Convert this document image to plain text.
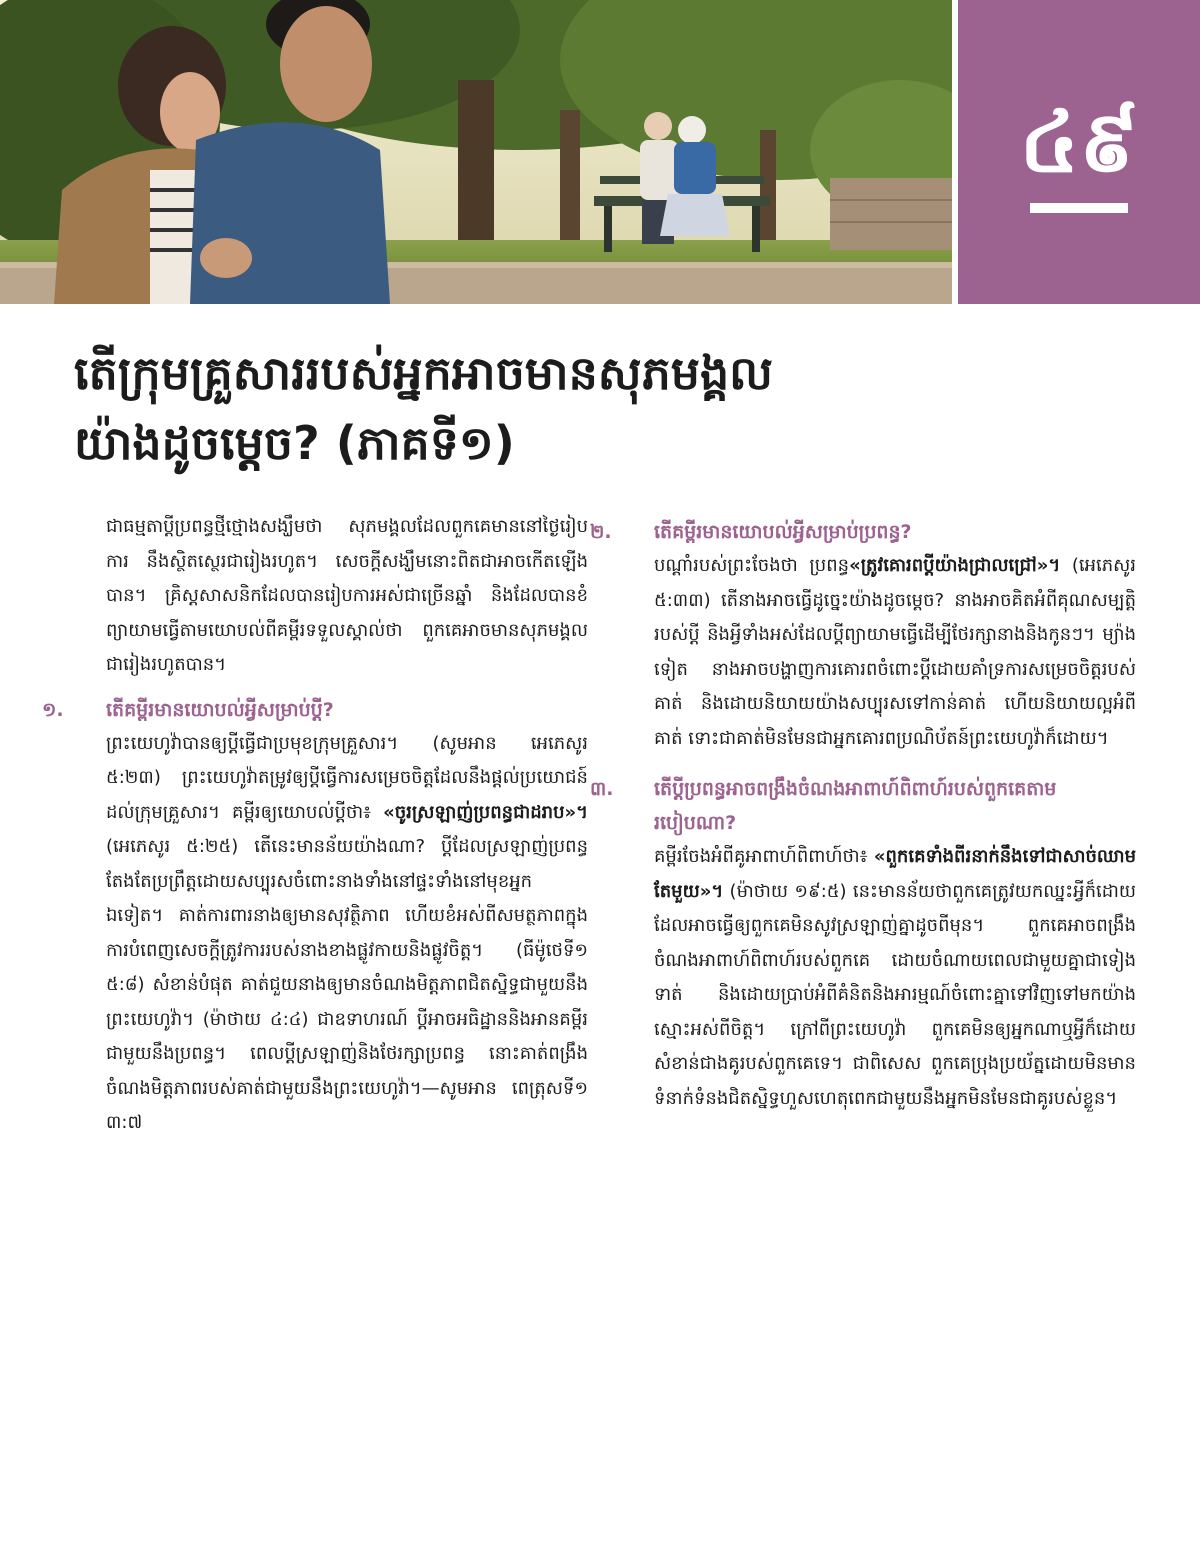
៤៩
តើក្រុមគ្រួសាររបស់អ្នកអាចមានសុភមង្គល
យ៉ាងដូចម្ដេច? (ភាគទី១)

ជាធម្មតាប្ដីប្រពន្ធថ្មីថ្មោងសង្ឃឹមថា សុភមង្គលដែលពួកគេមាននៅថ្ងៃរៀបការ នឹងស្ថិតស្ថេរជារៀងរហូត។ សេចក្ដីសង្ឃឹមនោះពិតជាអាចកើតឡើងបាន។ គ្រិស្តសាសនិកដែលបានរៀបការអស់ជាច្រើនឆ្នាំ និងដែលបានខំព្យាយាមធ្វើតាមយោបល់ពីគម្ពីរទទួលស្គាល់ថា ពួកគេអាចមានសុភមង្គលជារៀងរហូតបាន។

១. តើគម្ពីរមានយោបល់អ្វីសម្រាប់ប្ដី?

ព្រះយេហូវ៉ាបានឲ្យប្ដីធ្វើជាប្រមុខក្រុមគ្រួសារ។ (សូមអាន អេភេសូរ ៥:២៣) ព្រះយេហូវ៉ាតម្រូវឲ្យប្ដីធ្វើការសម្រេចចិត្តដែលនឹងផ្ដល់ប្រយោជន៍ដល់ក្រុមគ្រួសារ។ គម្ពីរឲ្យយោបល់ប្ដីថា៖ «ចូរស្រឡាញ់ប្រពន្ធជាដរាប»។ (អេភេសូរ ៥:២៥) តើនេះមានន័យយ៉ាងណា? ប្ដីដែលស្រឡាញ់ប្រពន្ធតែងតែប្រព្រឹត្តដោយសប្បុរសចំពោះនាងទាំងនៅផ្ទះទាំងនៅមុខអ្នកឯទៀត។ គាត់ការពារនាងឲ្យមានសុវត្ថិភាព ហើយខំអស់ពីសមត្ថភាពក្នុងការបំពេញសេចក្ដីត្រូវការរបស់នាងខាងផ្លូវកាយនិងផ្លូវចិត្ត។ (ធីម៉ូថេទី១ ៥:៨) សំខាន់បំផុត គាត់ជួយនាងឲ្យមានចំណងមិត្តភាពជិតស្និទ្ធជាមួយនឹងព្រះយេហូវ៉ា។ (ម៉ាថាយ ៤:៤) ជាឧទាហរណ៍ ប្ដីអាចអធិដ្ឋាននិងអានគម្ពីរជាមួយនឹងប្រពន្ធ។ ពេលប្ដីស្រឡាញ់និងថែរក្សាប្រពន្ធ នោះគាត់ពង្រឹងចំណងមិត្តភាពរបស់គាត់ជាមួយនឹងព្រះយេហូវ៉ា។—សូមអាន ពេត្រុសទី១ ៣:៧

២. តើគម្ពីរមានយោបល់អ្វីសម្រាប់ប្រពន្ធ?

បណ្ដាំរបស់ព្រះចែងថា ប្រពន្ធ«ត្រូវគោរពប្ដីយ៉ាងជ្រាលជ្រៅ»។ (អេភេសូរ ៥:៣៣) តើនាងអាចធ្វើដូច្នេះយ៉ាងដូចម្ដេច? នាងអាចគិតអំពីគុណសម្បត្តិរបស់ប្ដី និងអ្វីទាំងអស់ដែលប្ដីព្យាយាមធ្វើដើម្បីថែរក្សានាងនិងកូនៗ។ ម្យ៉ាងទៀត នាងអាចបង្ហាញការគោរពចំពោះប្ដីដោយគាំទ្រការសម្រេចចិត្តរបស់គាត់ និងដោយនិយាយយ៉ាងសប្បុរសទៅកាន់គាត់ ហើយនិយាយល្អអំពីគាត់ ទោះជាគាត់មិនមែនជាអ្នកគោរពប្រណិប័តន៍ព្រះយេហូវ៉ាក៏ដោយ។

៣. តើប្ដីប្រពន្ធអាចពង្រឹងចំណងអាពាហ៍ពិពាហ៍របស់ពួកគេតាមរបៀបណា?

គម្ពីរចែងអំពីគូអាពាហ៍ពិពាហ៍ថា៖ «ពួកគេទាំងពីរនាក់នឹងទៅជាសាច់ឈាមតែមួយ»។ (ម៉ាថាយ ១៩:៥) នេះមានន័យថាពួកគេត្រូវយកឈ្នះអ្វីក៏ដោយដែលអាចធ្វើឲ្យពួកគេមិនសូវស្រឡាញ់គ្នាដូចពីមុន។ ពួកគេអាចពង្រឹងចំណងអាពាហ៍ពិពាហ៍របស់ពួកគេ ដោយចំណាយពេលជាមួយគ្នាជាទៀងទាត់ និងដោយប្រាប់អំពីគំនិតនិងអារម្មណ៍ចំពោះគ្នាទៅវិញទៅមកយ៉ាងស្មោះអស់ពីចិត្ត។ ក្រៅពីព្រះយេហូវ៉ា ពួកគេមិនឲ្យអ្នកណាឬអ្វីក៏ដោយសំខាន់ជាងគូរបស់ពួកគេទេ។ ជាពិសេស ពួកគេប្រុងប្រយ័ត្នដោយមិនមានទំនាក់ទំនងជិតស្និទ្ធហួសហេតុពេកជាមួយនឹងអ្នកមិនមែនជាគូរបស់ខ្លួន។
